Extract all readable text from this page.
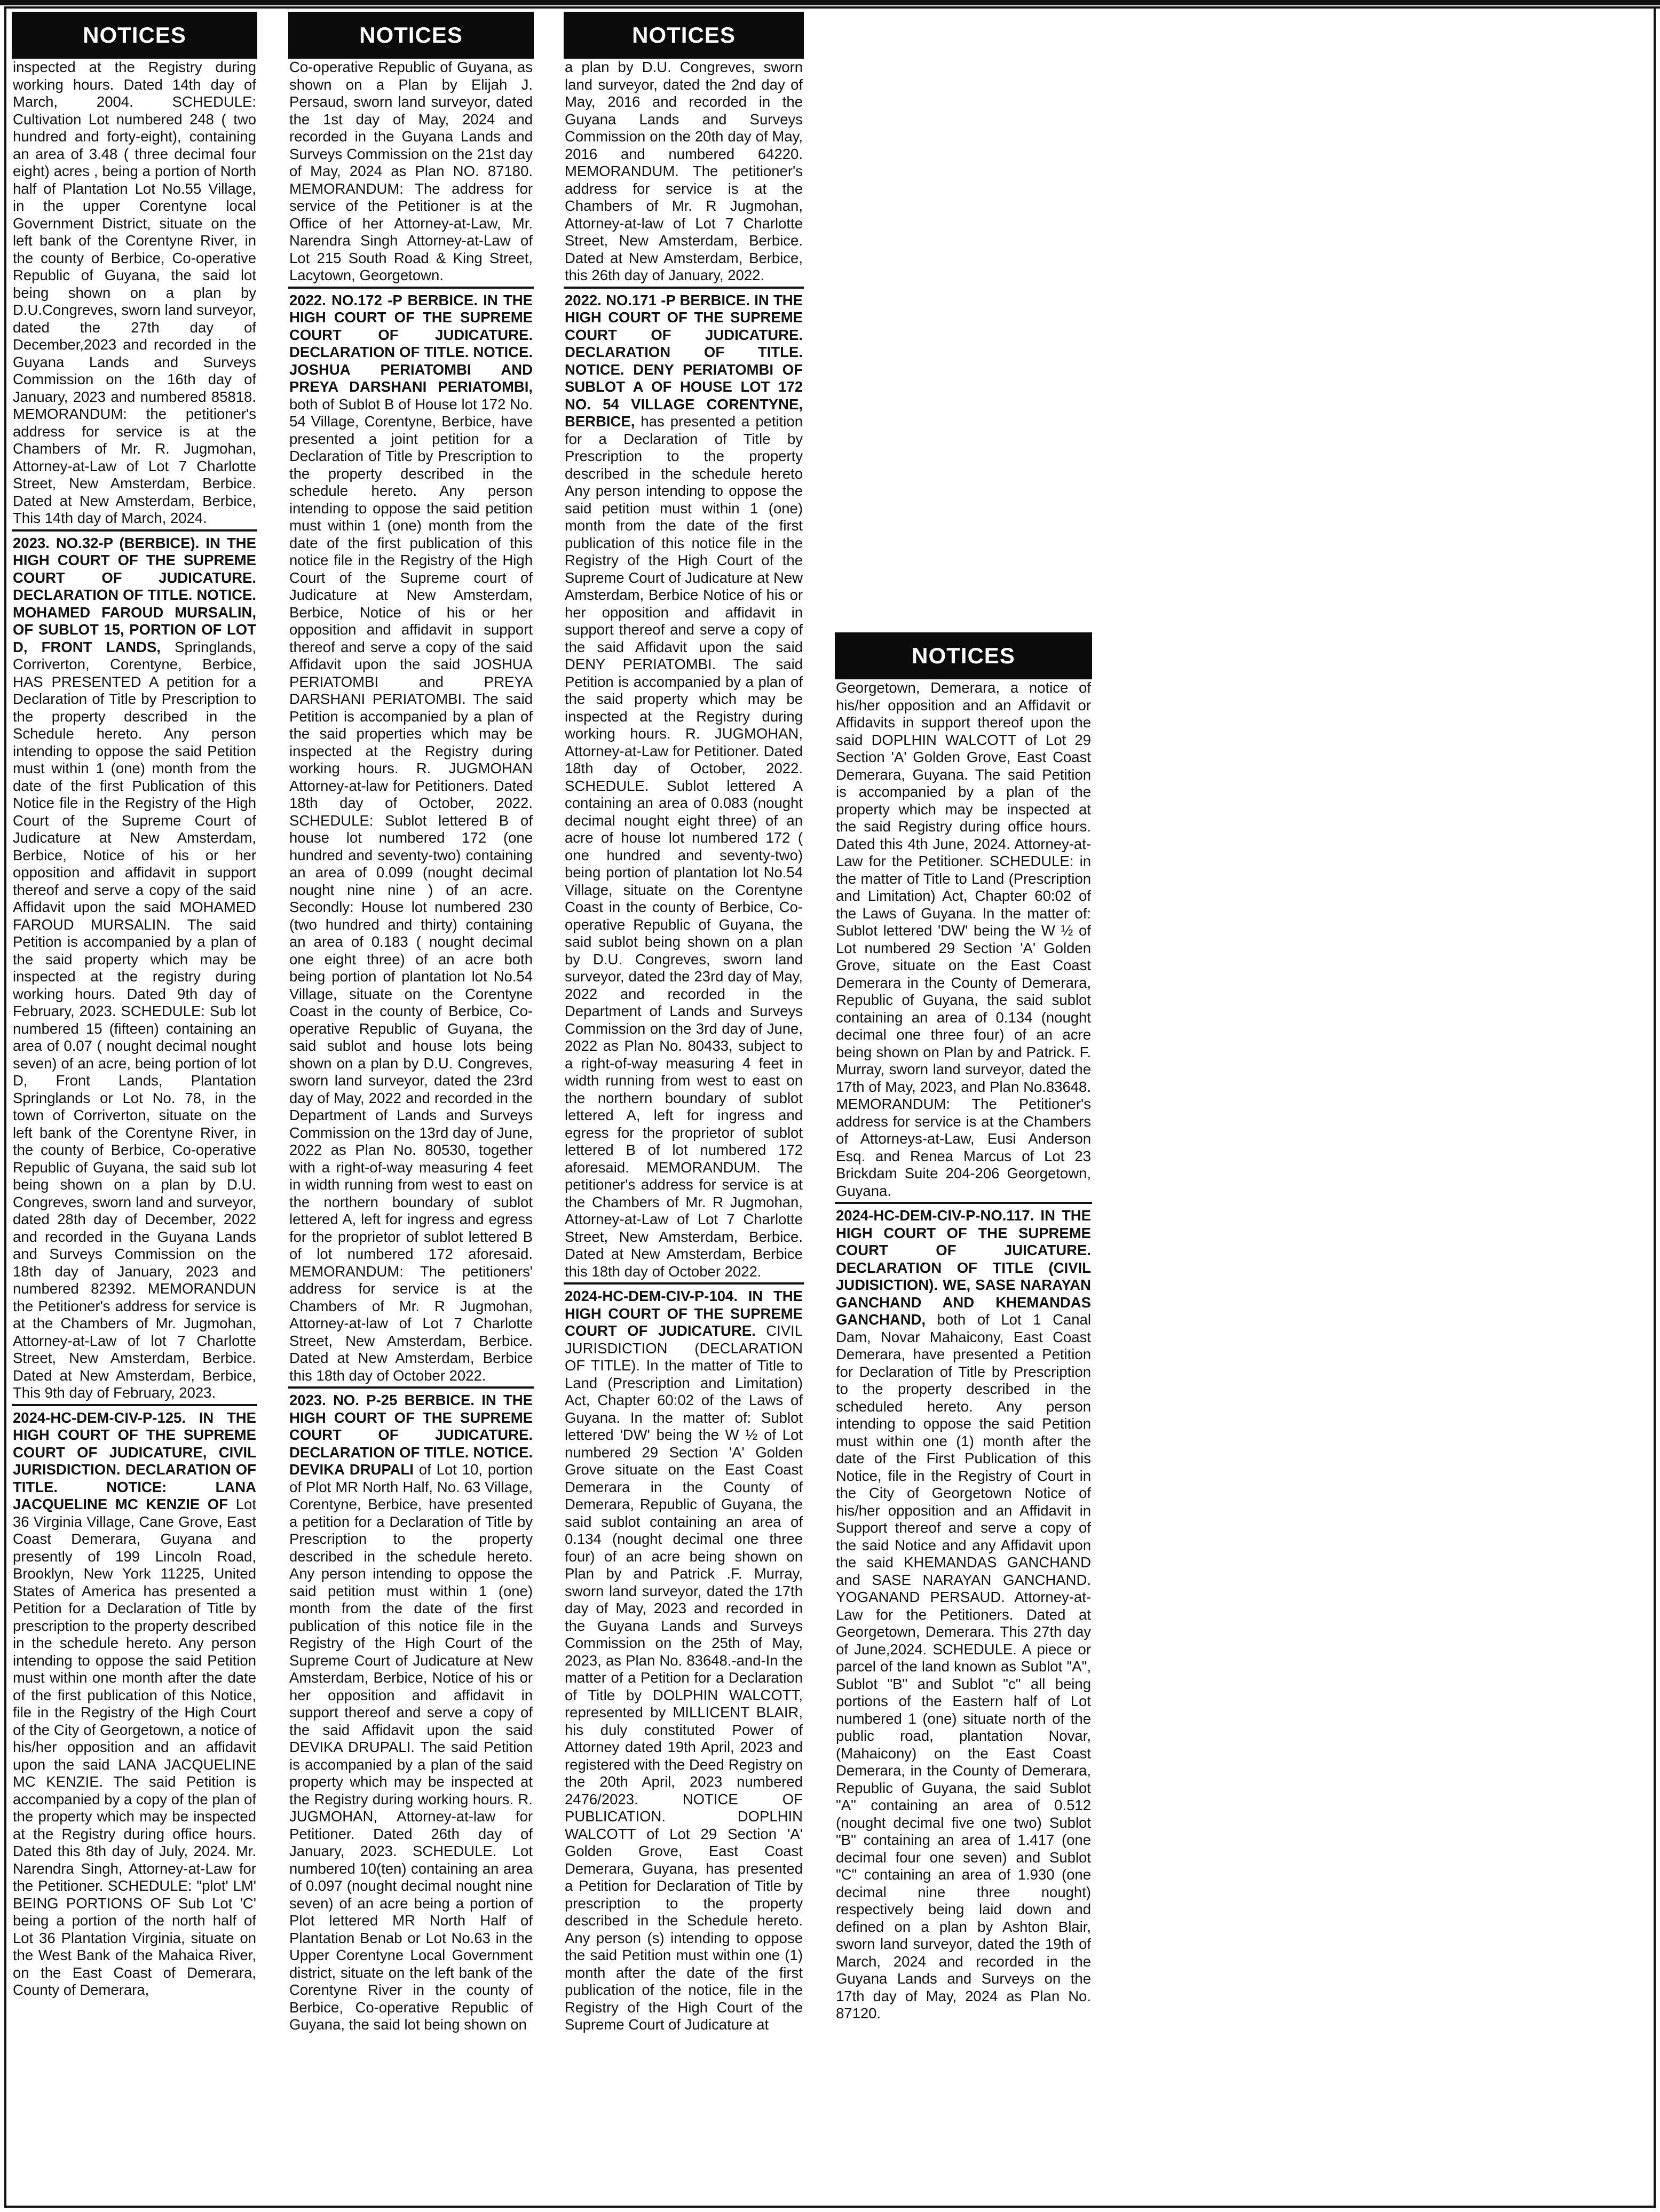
NOTICES
inspected at the Registry during working hours. Dated 14th day of March, 2004. SCHEDULE: Cultivation Lot numbered 248 ( two hundred and forty-eight), containing an area of 3.48 ( three decimal four eight) acres , being a portion of North half of Plantation Lot No.55 Village, in the upper Corentyne local Government District, situate on the left bank of the Corentyne River, in the county of Berbice, Co-operative Republic of Guyana, the said lot being shown on a plan by D.U.Congreves, sworn land surveyor, dated the 27th day of December,2023 and recorded in the Guyana Lands and Surveys Commission on the 16th day of January, 2023 and numbered 85818. MEMORANDUM: the petitioner's address for service is at the Chambers of Mr. R. Jugmohan, Attorney-at-Law of Lot 7 Charlotte Street, New Amsterdam, Berbice. Dated at New Amsterdam, Berbice, This 14th day of March, 2024.
2023. NO.32-P (BERBICE). IN THE HIGH COURT OF THE SUPREME COURT OF JUDICATURE. DECLARATION OF TITLE. NOTICE. MOHAMED FAROUD MURSALIN, OF SUBLOT 15, PORTION OF LOT D, FRONT LANDS, Springlands, Corriverton, Corentyne, Berbice, HAS PRESENTED A petition for a Declaration of Title by Prescription to the property described in the Schedule hereto. Any person intending to oppose the said Petition must within 1 (one) month from the date of the first Publication of this Notice file in the Registry of the High Court of the Supreme Court of Judicature at New Amsterdam, Berbice, Notice of his or her opposition and affidavit in support thereof and serve a copy of the said Affidavit upon the said MOHAMED FAROUD MURSALIN. The said Petition is accompanied by a plan of the said property which may be inspected at the registry during working hours. Dated 9th day of February, 2023. SCHEDULE: Sub lot numbered 15 (fifteen) containing an area of 0.07 ( nought decimal nought seven) of an acre, being portion of lot D, Front Lands, Plantation Springlands or Lot No. 78, in the town of Corriverton, situate on the left bank of the Corentyne River, in the county of Berbice, Co-operative Republic of Guyana, the said sub lot being shown on a plan by D.U. Congreves, sworn land and surveyor, dated 28th day of December, 2022 and recorded in the Guyana Lands and Surveys Commission on the 18th day of January, 2023 and numbered 82392. MEMORANDUN the Petitioner's address for service is at the Chambers of Mr. Jugmohan, Attorney-at-Law of lot 7 Charlotte Street, New Amsterdam, Berbice. Dated at New Amsterdam, Berbice, This 9th day of February, 2023.
2024-HC-DEM-CIV-P-125. IN THE HIGH COURT OF THE SUPREME COURT OF JUDICATURE, CIVIL JURISDICTION. DECLARATION OF TITLE. NOTICE: LANA JACQUELINE MC KENZIE OF Lot 36 Virginia Village, Cane Grove, East Coast Demerara, Guyana and presently of 199 Lincoln Road, Brooklyn, New York 11225, United States of America has presented a Petition for a Declaration of Title by prescription to the property described in the schedule hereto. Any person intending to oppose the said Petition must within one month after the date of the first publication of this Notice, file in the Registry of the High Court of the City of Georgetown, a notice of his/her opposition and an affidavit upon the said LANA JACQUELINE MC KENZIE. The said Petition is accompanied by a copy of the plan of the property which may be inspected at the Registry during office hours. Dated this 8th day of July, 2024. Mr. Narendra Singh, Attorney-at-Law for the Petitioner. SCHEDULE: "plot' LM' BEING PORTIONS OF Sub Lot 'C' being a portion of the north half of Lot 36 Plantation Virginia, situate on the West Bank of the Mahaica River, on the East Coast of Demerara, County of Demerara,
NOTICES
Co-operative Republic of Guyana, as shown on a Plan by Elijah J. Persaud, sworn land surveyor, dated the 1st day of May, 2024 and recorded in the Guyana Lands and Surveys Commission on the 21st day of May, 2024 as Plan NO. 87180. MEMORANDUM: The address for service of the Petitioner is at the Office of her Attorney-at-Law, Mr. Narendra Singh Attorney-at-Law of Lot 215 South Road & King Street, Lacytown, Georgetown.
2022. NO.172 -P BERBICE. IN THE HIGH COURT OF THE SUPREME COURT OF JUDICATURE. DECLARATION OF TITLE. NOTICE. JOSHUA PERIATOMBI AND PREYA DARSHANI PERIATOMBI, both of Sublot B of House lot 172 No. 54 Village, Corentyne, Berbice, have presented a joint petition for a Declaration of Title by Prescription to the property described in the schedule hereto. Any person intending to oppose the said petition must within 1 (one) month from the date of the first publication of this notice file in the Registry of the High Court of the Supreme court of Judicature at New Amsterdam, Berbice, Notice of his or her opposition and affidavit in support thereof and serve a copy of the said Affidavit upon the said JOSHUA PERIATOMBI and PREYA DARSHANI PERIATOMBI. The said Petition is accompanied by a plan of the said properties which may be inspected at the Registry during working hours. R. JUGMOHAN Attorney-at-law for Petitioners. Dated 18th day of October, 2022. SCHEDULE: Sublot lettered B of house lot numbered 172 (one hundred and seventy-two) containing an area of 0.099 (nought decimal nought nine nine ) of an acre. Secondly: House lot numbered 230 (two hundred and thirty) containing an area of 0.183 ( nought decimal one eight three) of an acre both being portion of plantation lot No.54 Village, situate on the Corentyne Coast in the county of Berbice, Co-operative Republic of Guyana, the said sublot and house lots being shown on a plan by D.U. Congreves, sworn land surveyor, dated the 23rd day of May, 2022 and recorded in the Department of Lands and Surveys Commission on the 13rd day of June, 2022 as Plan No. 80530, together with a right-of-way measuring 4 feet in width running from west to east on the northern boundary of sublot lettered A, left for ingress and egress for the proprietor of sublot lettered B of lot numbered 172 aforesaid. MEMORANDUM: The petitioners' address for service is at the Chambers of Mr. R Jugmohan, Attorney-at-law of Lot 7 Charlotte Street, New Amsterdam, Berbice. Dated at New Amsterdam, Berbice this 18th day of October 2022.
2023. NO. P-25 BERBICE. IN THE HIGH COURT OF THE SUPREME COURT OF JUDICATURE. DECLARATION OF TITLE. NOTICE. DEVIKA DRUPALI of Lot 10, portion of Plot MR North Half, No. 63 Village, Corentyne, Berbice, have presented a petition for a Declaration of Title by Prescription to the property described in the schedule hereto. Any person intending to oppose the said petition must within 1 (one) month from the date of the first publication of this notice file in the Registry of the High Court of the Supreme Court of Judicature at New Amsterdam, Berbice, Notice of his or her opposition and affidavit in support thereof and serve a copy of the said Affidavit upon the said DEVIKA DRUPALI. The said Petition is accompanied by a plan of the said property which may be inspected at the Registry during working hours. R. JUGMOHAN, Attorney-at-law for Petitioner. Dated 26th day of January, 2023. SCHEDULE. Lot numbered 10(ten) containing an area of 0.097 (nought decimal nought nine seven) of an acre being a portion of Plot lettered MR North Half of Plantation Benab or Lot No.63 in the Upper Corentyne Local Government district, situate on the left bank of the Corentyne River in the county of Berbice, Co-operative Republic of Guyana, the said lot being shown on
NOTICES
a plan by D.U. Congreves, sworn land surveyor, dated the 2nd day of May, 2016 and recorded in the Guyana Lands and Surveys Commission on the 20th day of May, 2016 and numbered 64220. MEMORANDUM. The petitioner's address for service is at the Chambers of Mr. R Jugmohan, Attorney-at-law of Lot 7 Charlotte Street, New Amsterdam, Berbice. Dated at New Amsterdam, Berbice, this 26th day of January, 2022.
2022. NO.171 -P BERBICE. IN THE HIGH COURT OF THE SUPREME COURT OF JUDICATURE. DECLARATION OF TITLE. NOTICE. DENY PERIATOMBI OF SUBLOT A OF HOUSE LOT 172 NO. 54 VILLAGE CORENTYNE, BERBICE, has presented a petition for a Declaration of Title by Prescription to the property described in the schedule hereto Any person intending to oppose the said petition must within 1 (one) month from the date of the first publication of this notice file in the Registry of the High Court of the Supreme Court of Judicature at New Amsterdam, Berbice Notice of his or her opposition and affidavit in support thereof and serve a copy of the said Affidavit upon the said DENY PERIATOMBI. The said Petition is accompanied by a plan of the said property which may be inspected at the Registry during working hours. R. JUGMOHAN, Attorney-at-Law for Petitioner. Dated 18th day of October, 2022. SCHEDULE. Sublot lettered A containing an area of 0.083 (nought decimal nought eight three) of an acre of house lot numbered 172 ( one hundred and seventy-two) being portion of plantation lot No.54 Village, situate on the Corentyne Coast in the county of Berbice, Co-operative Republic of Guyana, the said sublot being shown on a plan by D.U. Congreves, sworn land surveyor, dated the 23rd day of May, 2022 and recorded in the Department of Lands and Surveys Commission on the 3rd day of June, 2022 as Plan No. 80433, subject to a right-of-way measuring 4 feet in width running from west to east on the northern boundary of sublot lettered A, left for ingress and egress for the proprietor of sublot lettered B of lot numbered 172 aforesaid. MEMORANDUM. The petitioner's address for service is at the Chambers of Mr. R Jugmohan, Attorney-at-Law of Lot 7 Charlotte Street, New Amsterdam, Berbice. Dated at New Amsterdam, Berbice this 18th day of October 2022.
2024-HC-DEM-CIV-P-104. IN THE HIGH COURT OF THE SUPREME COURT OF JUDICATURE. CIVIL JURISDICTION (DECLARATION OF TITLE). In the matter of Title to Land (Prescription and Limitation) Act, Chapter 60:02 of the Laws of Guyana. In the matter of: Sublot lettered 'DW' being the W ½ of Lot numbered 29 Section 'A' Golden Grove situate on the East Coast Demerara in the County of Demerara, Republic of Guyana, the said sublot containing an area of 0.134 (nought decimal one three four) of an acre being shown on Plan by and Patrick .F. Murray, sworn land surveyor, dated the 17th day of May, 2023 and recorded in the Guyana Lands and Surveys Commission on the 25th of May, 2023, as Plan No. 83648.-and-In the matter of a Petition for a Declaration of Title by DOLPHIN WALCOTT, represented by MILLICENT BLAIR, his duly constituted Power of Attorney dated 19th April, 2023 and registered with the Deed Registry on the 20th April, 2023 numbered 2476/2023. NOTICE OF PUBLICATION. DOPLHIN WALCOTT of Lot 29 Section 'A' Golden Grove, East Coast Demerara, Guyana, has presented a Petition for Declaration of Title by prescription to the property described in the Schedule hereto. Any person (s) intending to oppose the said Petition must within one (1) month after the date of the first publication of the notice, file in the Registry of the High Court of the Supreme Court of Judicature at
NOTICES
Georgetown, Demerara, a notice of his/her opposition and an Affidavit or Affidavits in support thereof upon the said DOPLHIN WALCOTT of Lot 29 Section 'A' Golden Grove, East Coast Demerara, Guyana. The said Petition is accompanied by a plan of the property which may be inspected at the said Registry during office hours. Dated this 4th June, 2024. Attorney-at-Law for the Petitioner. SCHEDULE: in the matter of Title to Land (Prescription and Limitation) Act, Chapter 60:02 of the Laws of Guyana. In the matter of: Sublot lettered 'DW' being the W ½ of Lot numbered 29 Section 'A' Golden Grove, situate on the East Coast Demerara in the County of Demerara, Republic of Guyana, the said sublot containing an area of 0.134 (nought decimal one three four) of an acre being shown on Plan by and Patrick. F. Murray, sworn land surveyor, dated the 17th of May, 2023, and Plan No.83648. MEMORANDUM: The Petitioner's address for service is at the Chambers of Attorneys-at-Law, Eusi Anderson Esq. and Renea Marcus of Lot 23 Brickdam Suite 204-206 Georgetown, Guyana.
2024-HC-DEM-CIV-P-NO.117. IN THE HIGH COURT OF THE SUPREME COURT OF JUICATURE. DECLARATION OF TITLE (CIVIL JUDISICTION). WE, SASE NARAYAN GANCHAND AND KHEMANDAS GANCHAND, both of Lot 1 Canal Dam, Novar Mahaicony, East Coast Demerara, have presented a Petition for Declaration of Title by Prescription to the property described in the scheduled hereto. Any person intending to oppose the said Petition must within one (1) month after the date of the First Publication of this Notice, file in the Registry of Court in the City of Georgetown Notice of his/her opposition and an Affidavit in Support thereof and serve a copy of the said Notice and any Affidavit upon the said KHEMANDAS GANCHAND and SASE NARAYAN GANCHAND. YOGANAND PERSAUD. Attorney-at-Law for the Petitioners. Dated at Georgetown, Demerara. This 27th day of June,2024. SCHEDULE. A piece or parcel of the land known as Sublot "A", Sublot "B" and Sublot "c" all being portions of the Eastern half of Lot numbered 1 (one) situate north of the public road, plantation Novar, (Mahaicony) on the East Coast Demerara, in the County of Demerara, Republic of Guyana, the said Sublot "A" containing an area of 0.512 (nought decimal five one two) Sublot "B" containing an area of 1.417 (one decimal four one seven) and Sublot "C" containing an area of 1.930 (one decimal nine three nought) respectively being laid down and defined on a plan by Ashton Blair, sworn land surveyor, dated the 19th of March, 2024 and recorded in the Guyana Lands and Surveys on the 17th day of May, 2024 as Plan No. 87120.
